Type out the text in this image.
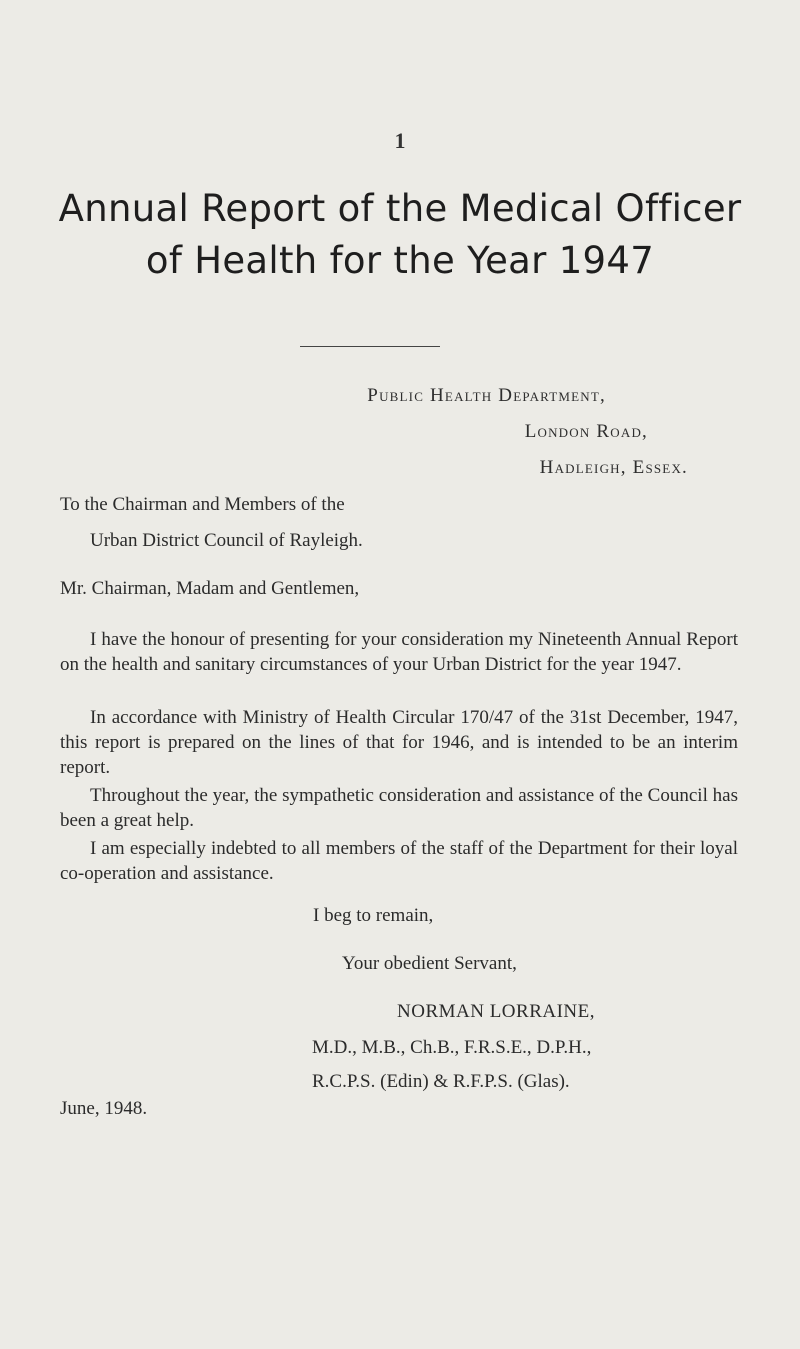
1
Annual Report of the Medical Officer
of Health for the Year 1947
Public Health Department,
London Road,
Hadleigh, Essex.
To the Chairman and Members of the
Urban District Council of Rayleigh.
Mr. Chairman, Madam and Gentlemen,
I have the honour of presenting for your consideration my Nineteenth Annual Report on the health and sanitary circumstances of your Urban District for the year 1947.
In accordance with Ministry of Health Circular 170/47 of the 31st December, 1947, this report is prepared on the lines of that for 1946, and is intended to be an interim report.
Throughout the year, the sympathetic consideration and assistance of the Council has been a great help.
I am especially indebted to all members of the staff of the Department for their loyal co-operation and assistance.
I beg to remain,
Your obedient Servant,
NORMAN LORRAINE,
M.D., M.B., Ch.B., F.R.S.E., D.P.H.,
R.C.P.S. (Edin) & R.F.P.S. (Glas).
June, 1948.
